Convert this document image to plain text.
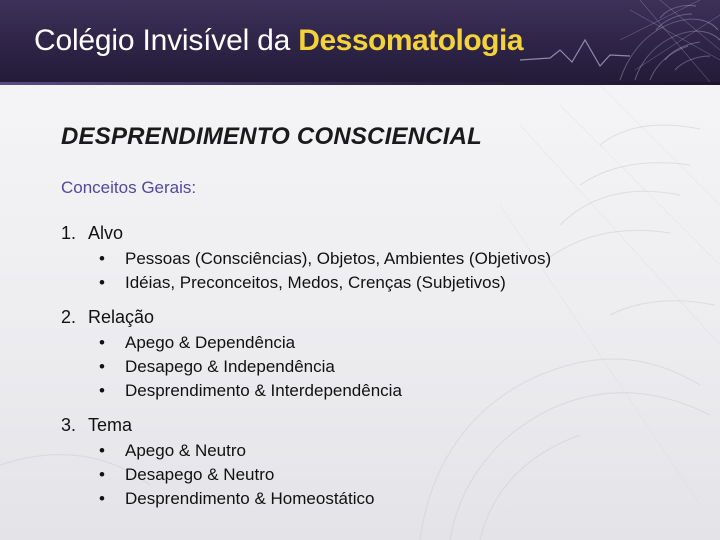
Colégio Invisível da Dessomatologia
DESPRENDIMENTO CONSCIENCIAL
Conceitos Gerais:
1. Alvo
•	Pessoas (Consciências), Objetos, Ambientes (Objetivos)
•	Idéias, Preconceitos, Medos, Crenças (Subjetivos)
2. Relação
•	Apego & Dependência
•	Desapego & Independência
•	Desprendimento & Interdependência
3. Tema
•	Apego & Neutro
•	Desapego & Neutro
•	Desprendimento & Homeostático
